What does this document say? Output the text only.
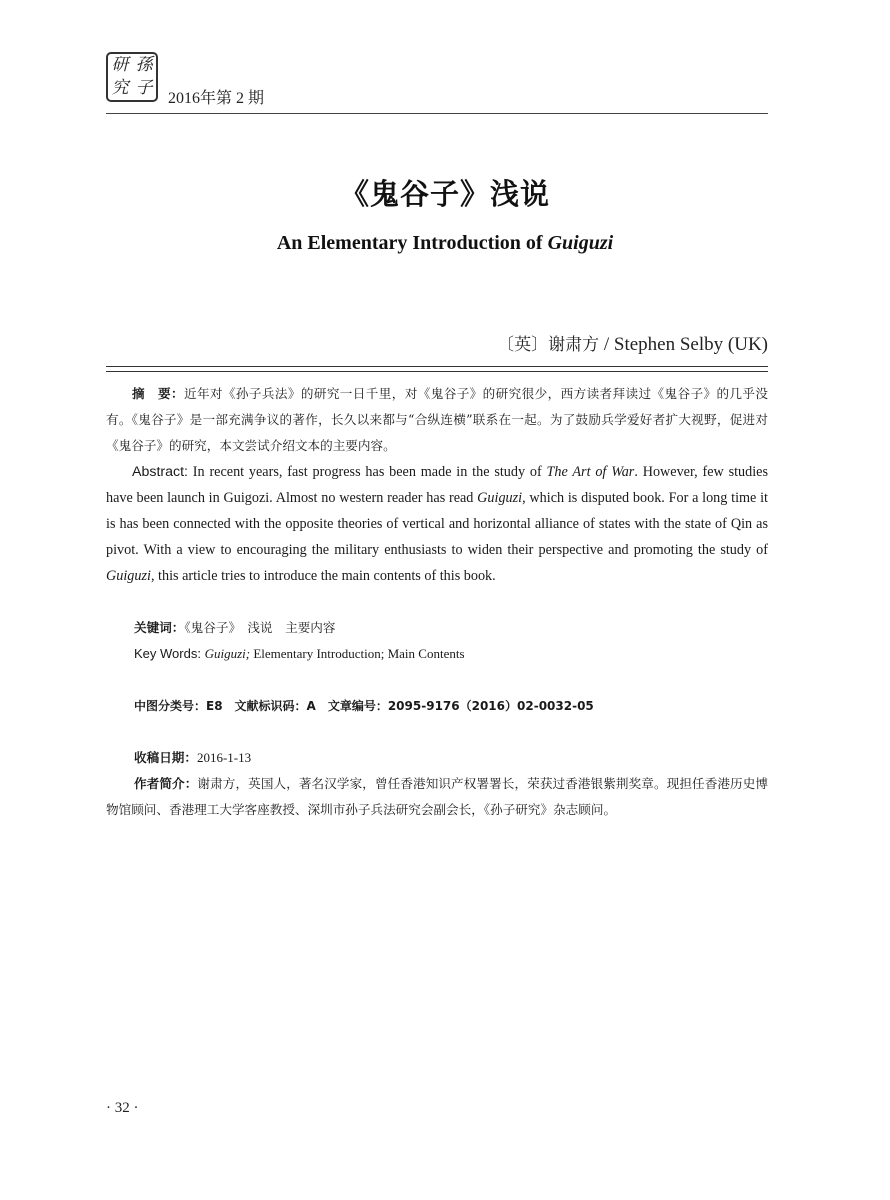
研 孫
究 子
2016年第 2 期
《鬼谷子》浅说
An Elementary Introduction of Guiguzi
〔英〕谢肃方 / Stephen Selby (UK)

摘　要：近年对《孙子兵法》的研究一日千里，对《鬼谷子》的研究很少，西方读者拜读过《鬼谷子》的几乎没有。《鬼谷子》是一部充满争议的著作，长久以来都与“合纵连横”联系在一起。为了鼓励兵学爱好者扩大视野，促进对《鬼谷子》的研究，本文尝试介绍文本的主要内容。

Abstract: In recent years, fast progress has been made in the study of The Art of War. However, few studies have been launch in Guigozi. Almost no western reader has read Guiguzi, which is disputed book. For a long time it is has been connected with the opposite theories of vertical and horizontal alliance of states with the state of Qin as pivot. With a view to encouraging the military enthusiasts to widen their perspective and promoting the study of Guiguzi, this article tries to introduce the main contents of this book.

关键词：《鬼谷子》　浅说　主要内容
Key Words: Guiguzi; Elementary Introduction; Main Contents
中图分类号：E8　文献标识码：A　文章编号：2095-9176（2016）02-0032-05
收稿日期：2016-1-13

作者简介：谢肃方，英国人，著名汉学家，曾任香港知识产权署署长，荣获过香港银紫荆奖章。现担任香港历史博物馆顾问、香港理工大学客座教授、深圳市孙子兵法研究会副会长，《孙子研究》杂志顾问。

· 32 ·
